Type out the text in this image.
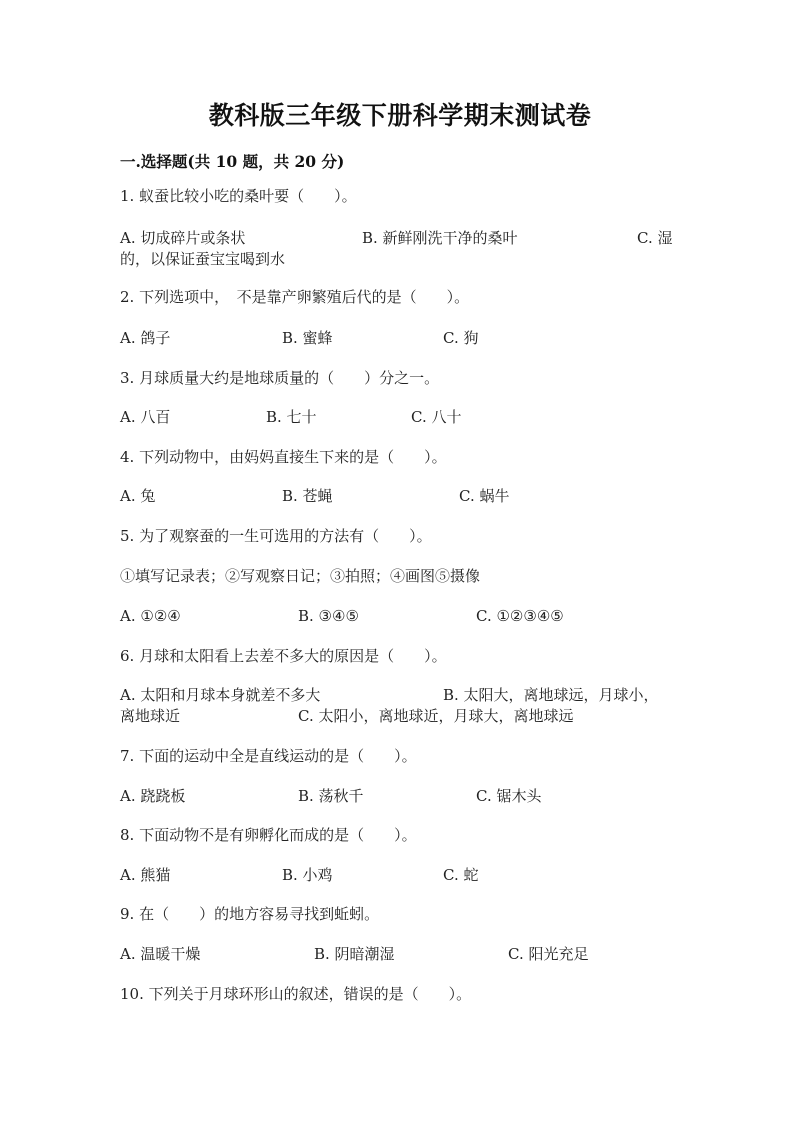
教科版三年级下册科学期末测试卷
一.选择题(共 10 题，共 20 分)
1. 蚁蚕比较小吃的桑叶要（　　）。
A. 切成碎片或条状	B. 新鲜刚洗干净的桑叶	C. 湿
的，以保证蚕宝宝喝到水
2. 下列选项中，　不是靠产卵繁殖后代的是（　　）。
A. 鸽子	B. 蜜蜂	C. 狗
3. 月球质量大约是地球质量的（　　）分之一。
A. 八百	B. 七十	C. 八十
4. 下列动物中，由妈妈直接生下来的是（　　）。
A. 兔	B. 苍蝇	C. 蜗牛
5. 为了观察蚕的一生可选用的方法有（　　）。
①填写记录表；②写观察日记；③拍照；④画图⑤摄像
A. ①②④	B. ③④⑤	C. ①②③④⑤
6. 月球和太阳看上去差不多大的原因是（　　）。
A. 太阳和月球本身就差不多大	B. 太阳大，离地球远，月球小，
离地球近	C. 太阳小，离地球近，月球大，离地球远
7. 下面的运动中全是直线运动的是（　　）。
A. 跷跷板	B. 荡秋千	C. 锯木头
8. 下面动物不是有卵孵化而成的是（　　）。
A. 熊猫	B. 小鸡	C. 蛇
9. 在（　　）的地方容易寻找到蚯蚓。
A. 温暖干燥	B. 阴暗潮湿	C. 阳光充足
10. 下列关于月球环形山的叙述，错误的是（　　）。
